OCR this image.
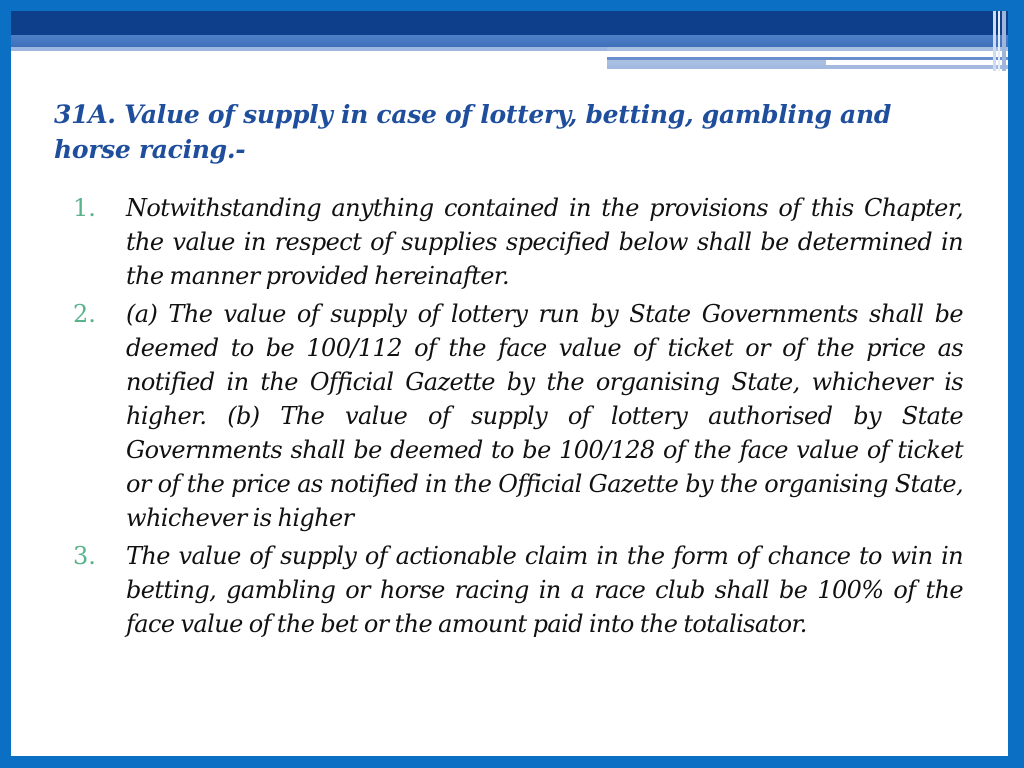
31A. Value of supply in case of lottery, betting, gambling and horse racing.-
1. Notwithstanding anything contained in the provisions of this Chapter, the value in respect of supplies specified below shall be determined in the manner provided hereinafter.
2. (a) The value of supply of lottery run by State Governments shall be deemed to be 100/112 of the face value of ticket or of the price as notified in the Official Gazette by the organising State, whichever is higher. (b) The value of supply of lottery authorised by State Governments shall be deemed to be 100/128 of the face value of ticket or of the price as notified in the Official Gazette by the organising State, whichever is higher
3. The value of supply of actionable claim in the form of chance to win in betting, gambling or horse racing in a race club shall be 100% of the face value of the bet or the amount paid into the totalisator.
